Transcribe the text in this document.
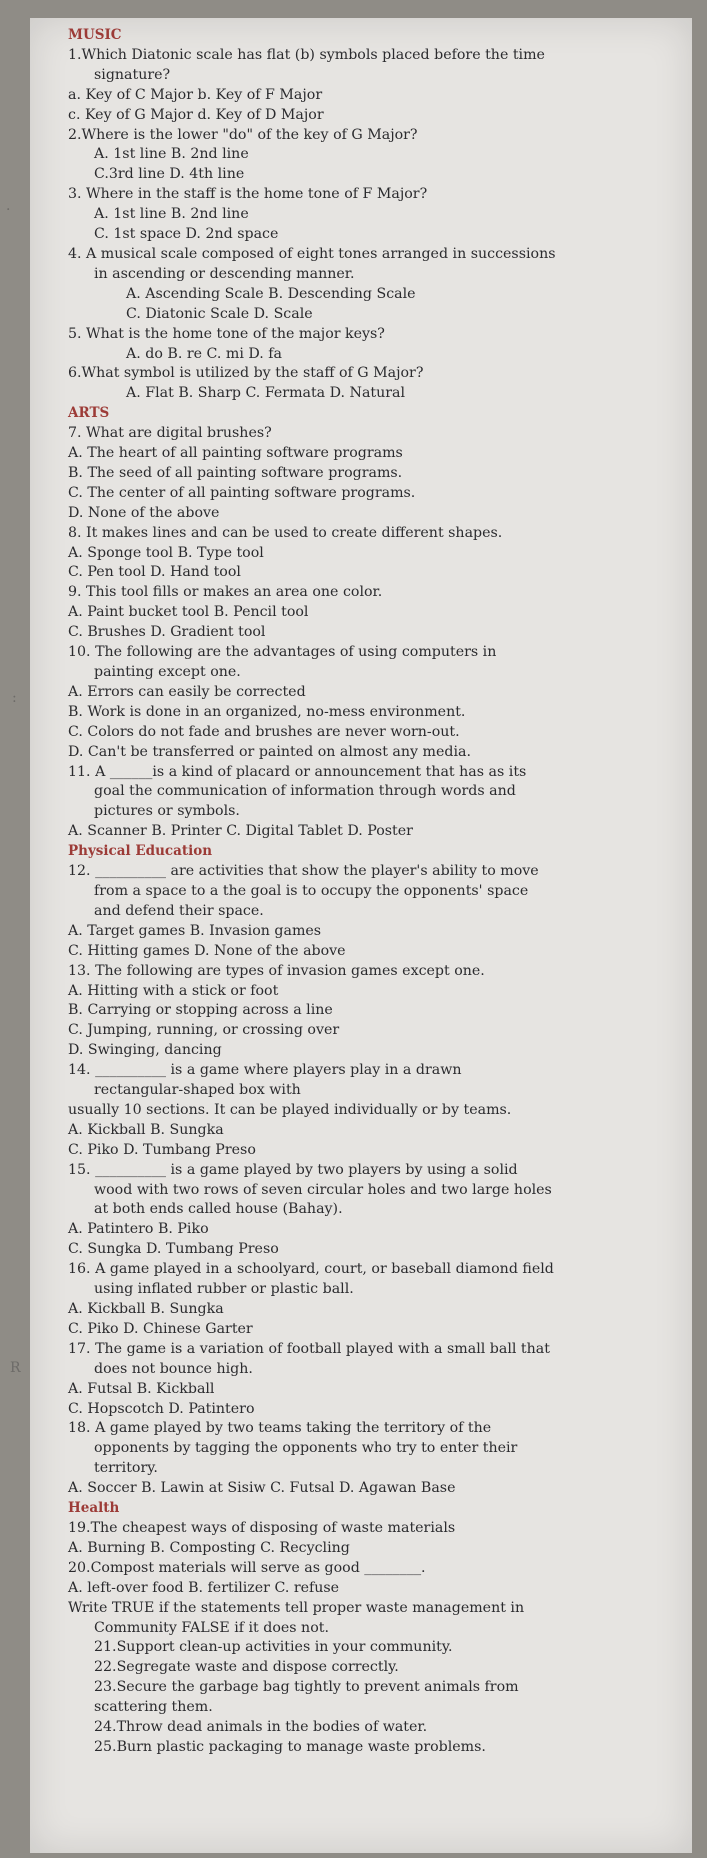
MUSIC
1.Which Diatonic scale has flat (b) symbols placed before the time
signature?
a. Key of C Major b. Key of F Major
c. Key of G Major d. Key of D Major
2.Where is the lower "do" of the key of G Major?
A. 1st line B. 2nd line
C.3rd line D. 4th line
3. Where in the staff is the home tone of F Major?
A. 1st line B. 2nd line
C. 1st space D. 2nd space
4. A musical scale composed of eight tones arranged in successions
in ascending or descending manner.
A. Ascending Scale B. Descending Scale
C. Diatonic Scale D. Scale
5. What is the home tone of the major keys?
A. do B. re C. mi D. fa
6.What symbol is utilized by the staff of G Major?
A. Flat B. Sharp C. Fermata D. Natural
ARTS
7. What are digital brushes?
A. The heart of all painting software programs
B. The seed of all painting software programs.
C. The center of all painting software programs.
D. None of the above
8. It makes lines and can be used to create different shapes.
A. Sponge tool B. Type tool
C. Pen tool D. Hand tool
9. This tool fills or makes an area one color.
A. Paint bucket tool B. Pencil tool
C. Brushes D. Gradient tool
10. The following are the advantages of using computers in
painting except one.
A. Errors can easily be corrected
B. Work is done in an organized, no-mess environment.
C. Colors do not fade and brushes are never worn-out.
D. Can't be transferred or painted on almost any media.
11. A ______is a kind of placard or announcement that has as its
goal the communication of information through words and
pictures or symbols.
A. Scanner B. Printer C. Digital Tablet D. Poster
Physical Education
12. __________ are activities that show the player's ability to move
from a space to a the goal is to occupy the opponents' space
and defend their space.
A. Target games B. Invasion games
C. Hitting games D. None of the above
13. The following are types of invasion games except one.
A. Hitting with a stick or foot
B. Carrying or stopping across a line
C. Jumping, running, or crossing over
D. Swinging, dancing
14. __________ is a game where players play in a drawn
rectangular-shaped box with
usually 10 sections. It can be played individually or by teams.
A. Kickball B. Sungka
C. Piko D. Tumbang Preso
15. __________ is a game played by two players by using a solid
wood with two rows of seven circular holes and two large holes
at both ends called house (Bahay).
A. Patintero B. Piko
C. Sungka D. Tumbang Preso
16. A game played in a schoolyard, court, or baseball diamond field
using inflated rubber or plastic ball.
A. Kickball B. Sungka
C. Piko D. Chinese Garter
17. The game is a variation of football played with a small ball that
does not bounce high.
A. Futsal B. Kickball
C. Hopscotch D. Patintero
18. A game played by two teams taking the territory of the
opponents by tagging the opponents who try to enter their
territory.
A. Soccer B. Lawin at Sisiw C. Futsal D. Agawan Base
Health
19.The cheapest ways of disposing of waste materials
A. Burning B. Composting C. Recycling
20.Compost materials will serve as good ________.
A. left-over food B. fertilizer C. refuse
Write TRUE if the statements tell proper waste management in
Community FALSE if it does not.
21.Support clean-up activities in your community.
22.Segregate waste and dispose correctly.
23.Secure the garbage bag tightly to prevent animals from
scattering them.
24.Throw dead animals in the bodies of water.
25.Burn plastic packaging to manage waste problems.
·
:
R
